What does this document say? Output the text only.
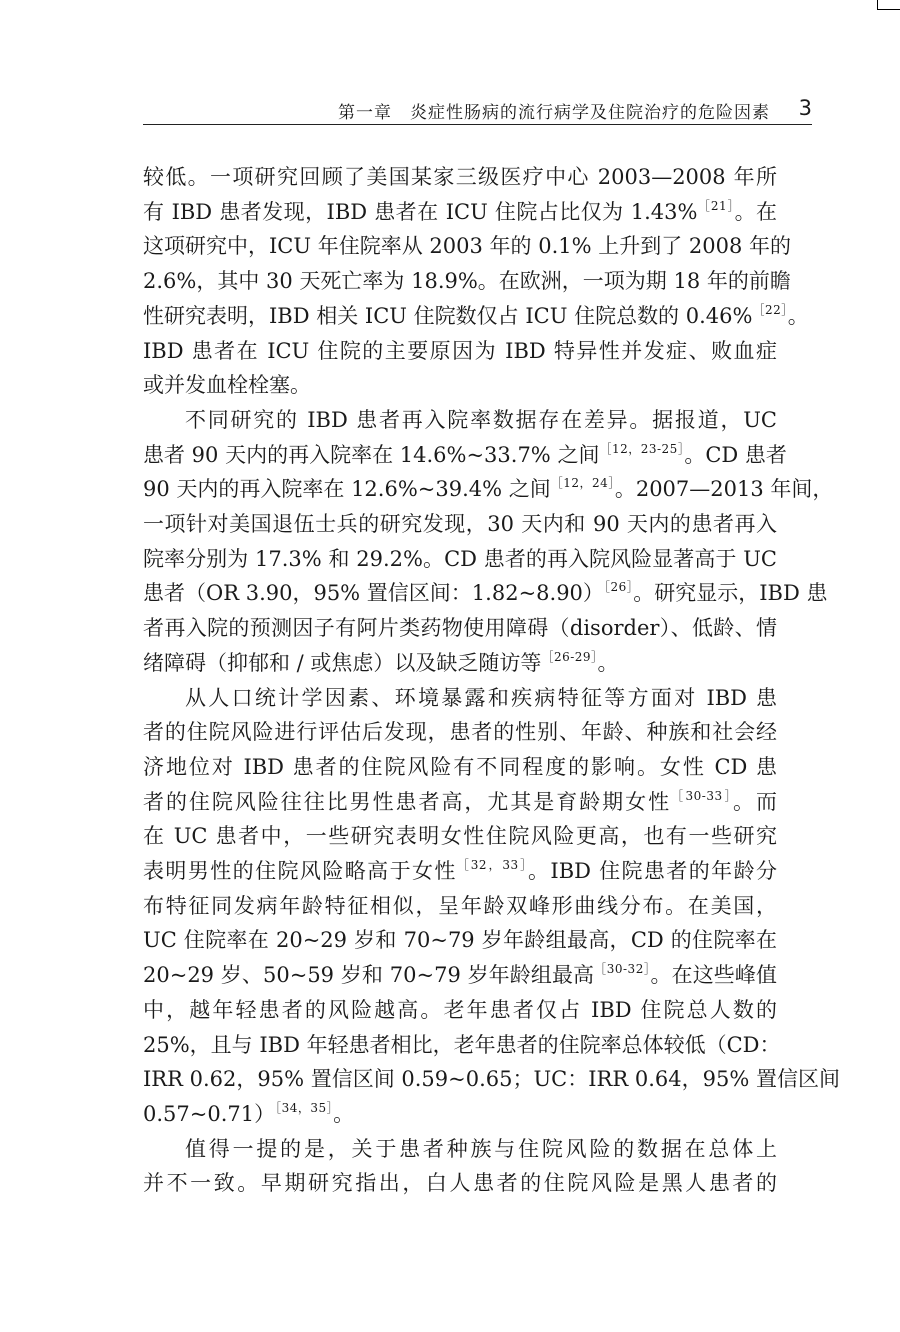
第一章　炎症性肠病的流行病学及住院治疗的危险因素 3

较低。一项研究回顾了美国某家三级医疗中心 2003—2008 年所
有 IBD 患者发现，IBD 患者在 ICU 住院占比仅为 1.43%$^{[21]}$。在
这项研究中，ICU 年住院率从 2003 年的 0.1% 上升到了 2008 年的
2.6%，其中 30 天死亡率为 18.9%。在欧洲，一项为期 18 年的前瞻
性研究表明，IBD 相关 ICU 住院数仅占 ICU 住院总数的 0.46%$^{[22]}$。
IBD 患者在 ICU 住院的主要原因为 IBD 特异性并发症、败血症
或并发血栓栓塞。

不同研究的 IBD 患者再入院率数据存在差异。据报道，UC
患者 90 天内的再入院率在 14.6%~33.7% 之间$^{[12,23-25]}$。CD 患者
90 天内的再入院率在 12.6%~39.4% 之间$^{[12,24]}$。2007—2013 年间，
一项针对美国退伍士兵的研究发现，30 天内和 90 天内的患者再入
院率分别为 17.3% 和 29.2%。CD 患者的再入院风险显著高于 UC
患者（OR 3.90，95% 置信区间：1.82~8.90）$^{[26]}$。研究显示，IBD 患
者再入院的预测因子有阿片类药物使用障碍（disorder）、低龄、情
绪障碍（抑郁和 / 或焦虑）以及缺乏随访等$^{[26-29]}$。

从人口统计学因素、环境暴露和疾病特征等方面对 IBD 患
者的住院风险进行评估后发现，患者的性别、年龄、种族和社会经
济地位对 IBD 患者的住院风险有不同程度的影响。女性 CD 患
者的住院风险往往比男性患者高，尤其是育龄期女性$^{[30-33]}$。而
在 UC 患者中，一些研究表明女性住院风险更高，也有一些研究
表明男性的住院风险略高于女性$^{[32,33]}$。IBD 住院患者的年龄分
布特征同发病年龄特征相似，呈年龄双峰形曲线分布。在美国，
UC 住院率在 20~29 岁和 70~79 岁年龄组最高，CD 的住院率在
20~29 岁、50~59 岁和 70~79 岁年龄组最高$^{[30-32]}$。在这些峰值
中，越年轻患者的风险越高。老年患者仅占 IBD 住院总人数的
25%，且与 IBD 年轻患者相比，老年患者的住院率总体较低（CD：
IRR 0.62，95% 置信区间 0.59~0.65；UC：IRR 0.64，95% 置信区间
0.57~0.71）$^{[34,35]}$。

值得一提的是，关于患者种族与住院风险的数据在总体上
并不一致。早期研究指出，白人患者的住院风险是黑人患者的
